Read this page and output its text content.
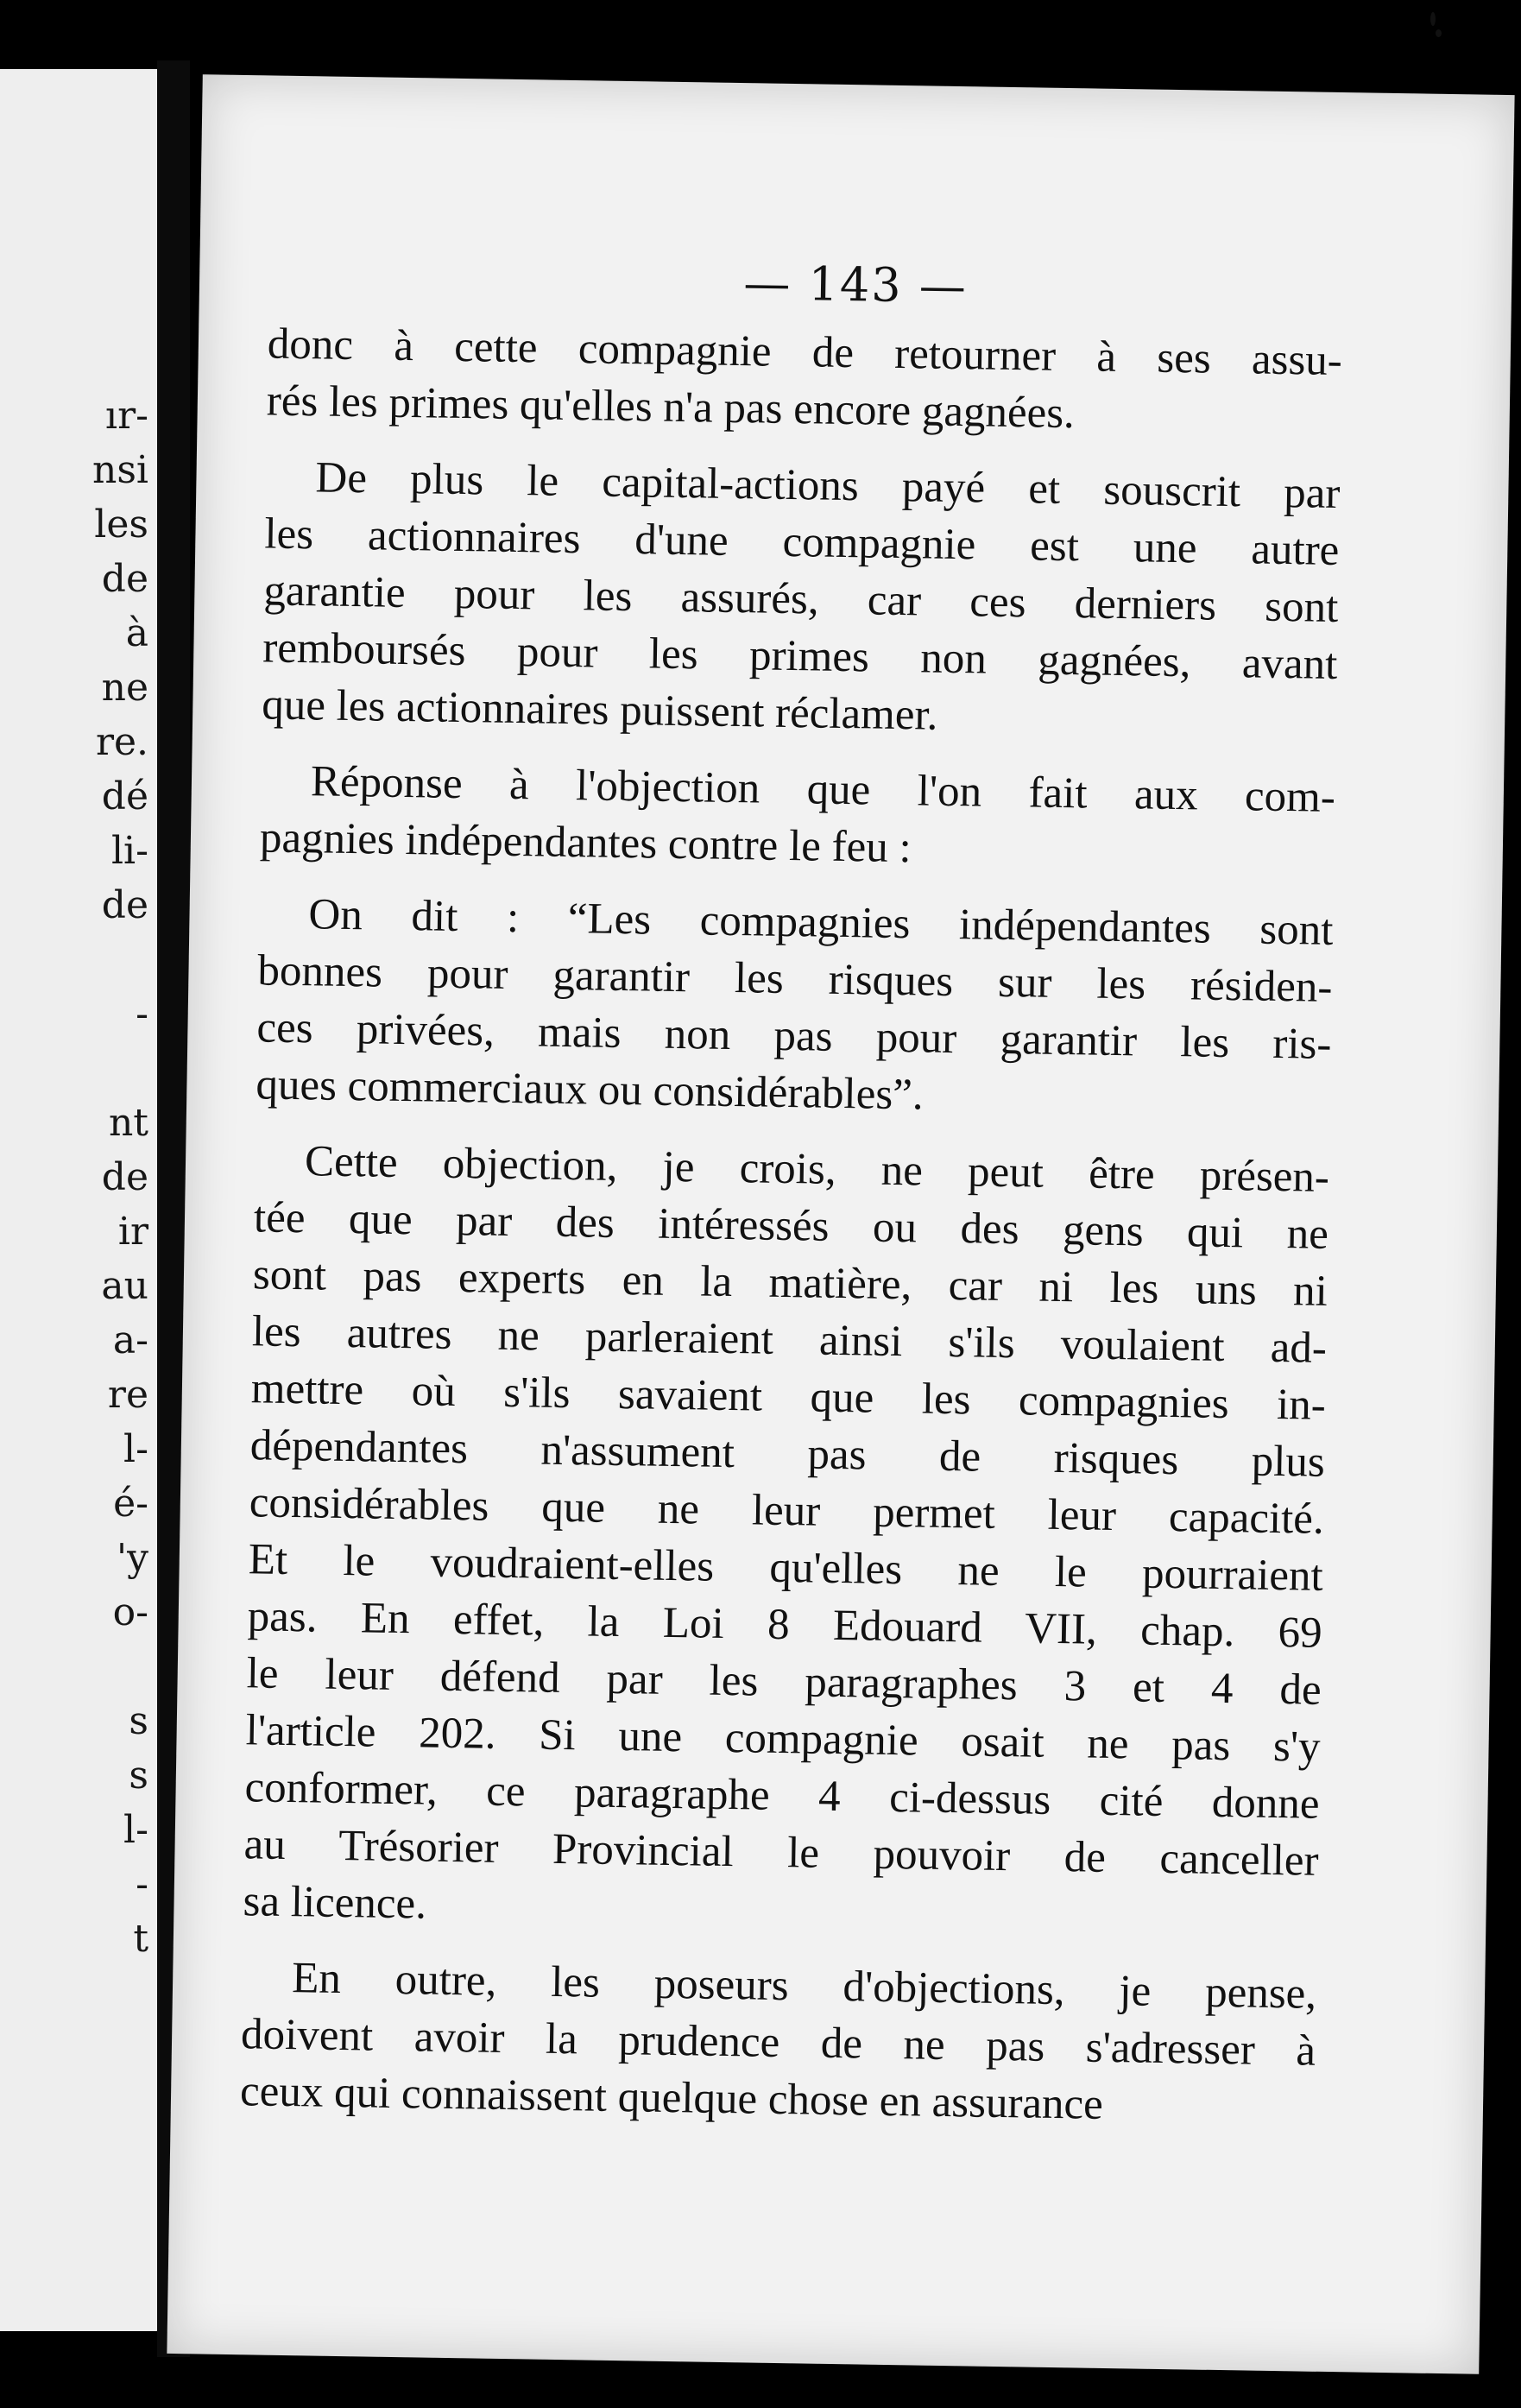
ır-
nsi
les
de
à
ne
re.
dé
li-
de
-
nt
de
ir
au
a-
re
l-
é-
'y
o-
s
s
l-
-
t
— 143 —
donc à cette compagnie de retourner à ses assu-
rés les primes qu'elles n'a pas encore gagnées.
De plus le capital-actions payé et souscrit par
les actionnaires d'une compagnie est une autre
garantie pour les assurés, car ces derniers sont
remboursés pour les primes non gagnées, avant
que les actionnaires puissent réclamer.
Réponse à l'objection que l'on fait aux com-
pagnies indépendantes contre le feu :
On dit : “Les compagnies indépendantes sont
bonnes pour garantir les risques sur les résiden-
ces privées, mais non pas pour garantir les ris-
ques commerciaux ou considérables”.
Cette objection, je crois, ne peut être présen-
tée que par des intéressés ou des gens qui ne
sont pas experts en la matière, car ni les uns ni
les autres ne parleraient ainsi s'ils voulaient ad-
mettre où s'ils savaient que les compagnies in-
dépendantes n'assument pas de risques plus
considérables que ne leur permet leur capacité.
Et le voudraient-elles qu'elles ne le pourraient
pas. En effet, la Loi 8 Edouard VII, chap. 69
le leur défend par les paragraphes 3 et 4 de
l'article 202. Si une compagnie osait ne pas s'y
conformer, ce paragraphe 4 ci-dessus cité donne
au Trésorier Provincial le pouvoir de canceller
sa licence.
En outre, les poseurs d'objections, je pense,
doivent avoir la prudence de ne pas s'adresser à
ceux qui connaissent quelque chose en assurance
